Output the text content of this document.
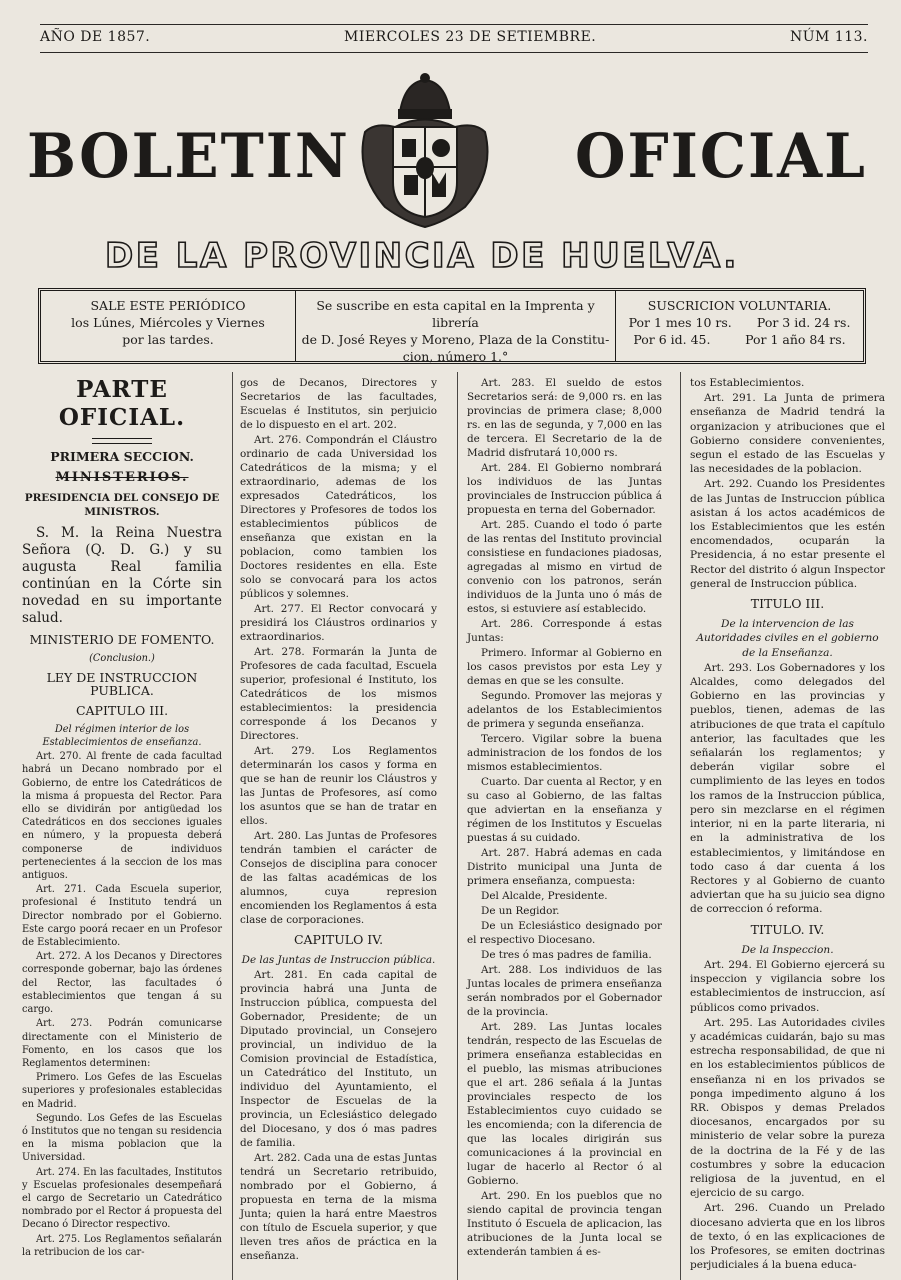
AÑO DE 1857.	MIERCOLES 23 DE SETIEMBRE.	NÚM 113.
BOLETIN	OFICIAL
DE LA PROVINCIA DE HUELVA.
SALE ESTE PERIÓDICO
los Lúnes, Miércoles y Viernes
por las tardes.
Se suscribe en esta capital en la Imprenta y librería
de D. José Reyes y Moreno, Plaza de la Constitu-
cion, número 1.°
SUSCRICION VOLUNTARIA.
Por 1 mes 10 rs. Por 3 id. 24 rs.
Por 6 id. 45.	Por 1 año 84 rs.

PARTE OFICIAL.

PRIMERA SECCION.

MINISTERIOS.

PRESIDENCIA DEL CONSEJO DE MINISTROS.

S. M. la Reina Nuestra Señora (Q. D. G.) y su augusta Real familia continúan en la Córte sin novedad en su importante salud.

MINISTERIO DE FOMENTO.

(Conclusion.)

LEY DE INSTRUCCION PUBLICA.

CAPITULO III.

Del régimen interior de los Establecimientos de enseñanza.

Art. 270. Al frente de cada facultad habrá un Decano nombrado por el Gobierno, de entre los Catedráticos de la misma á propuesta del Rector. Para ello se dividirán por antigüedad los Catedráticos en dos secciones iguales en número, y la propuesta deberá componerse de individuos pertenecientes á la seccion de los mas antiguos.

Art. 271. Cada Escuela superior, profesional é Instituto tendrá un Director nombrado por el Gobierno. Este cargo poorá recaer en un Profesor de Establecimiento.

Art. 272. A los Decanos y Directores corresponde gobernar, bajo las órdenes del Rector, las facultades ó establecimientos que tengan á su cargo.

Art. 273. Podrán comunicarse directamente con el Ministerio de Fomento, en los casos que los Reglamentos determinen:

Primero. Los Gefes de las Escuelas superiores y profesionales establecidas en Madrid.

Segundo. Los Gefes de las Escuelas ó Institutos que no tengan su residencia en la misma poblacion que la Universidad.

Art. 274. En las facultades, Institutos y Escuelas profesionales desempeñará el cargo de Secretario un Catedrático nombrado por el Rector á propuesta del Decano ó Director respectivo.

Art. 275. Los Reglamentos señalarán la retribucion de los car-

gos de Decanos, Directores y Secretarios de las facultades, Escuelas é Institutos, sin perjuicio de lo dispuesto en el art. 202.

Art. 276. Compondrán el Cláustro ordinario de cada Universidad los Catedráticos de la misma; y el extraordinario, ademas de los expresados Catedráticos, los Directores y Profesores de todos los establecimientos públicos de enseñanza que existan en la poblacion, como tambien los Doctores residentes en ella. Este solo se convocará para los actos públicos y solemnes.

Art. 277. El Rector convocará y presidirá los Cláustros ordinarios y extraordinarios.

Art. 278. Formarán la Junta de Profesores de cada facultad, Escuela superior, profesional é Instituto, los Catedráticos de los mismos establecimientos: la presidencia corresponde á los Decanos y Directores.

Art. 279. Los Reglamentos determinarán los casos y forma en que se han de reunir los Cláustros y las Juntas de Profesores, así como los asuntos que se han de tratar en ellos.

Art. 280. Las Juntas de Profesores tendrán tambien el carácter de Consejos de disciplina para conocer de las faltas académicas de los alumnos, cuya represion encomienden los Reglamentos á esta clase de corporaciones.

CAPITULO IV.

De las Juntas de Instruccion pública.

Art. 281. En cada capital de provincia habrá una Junta de Instruccion pública, compuesta del Gobernador, Presidente; de un Diputado provincial, un Consejero provincial, un individuo de la Comision provincial de Estadística, un Catedrático del Instituto, un individuo del Ayuntamiento, el Inspector de Escuelas de la provincia, un Eclesiástico delegado del Diocesano, y dos ó mas padres de familia.

Art. 282. Cada una de estas Juntas tendrá un Secretario retribuido, nombrado por el Gobierno, á propuesta en terna de la misma Junta; quien la hará entre Maestros con título de Escuela superior, y que lleven tres años de práctica en la enseñanza.

Art. 283. El sueldo de estos Secretarios será: de 9,000 rs. en las provincias de primera clase; 8,000 rs. en las de segunda, y 7,000 en las de tercera. El Secretario de la de Madrid disfrutará 10,000 rs.

Art. 284. El Gobierno nombrará los individuos de las Juntas provinciales de Instruccion pública á propuesta en terna del Gobernador.

Art. 285. Cuando el todo ó parte de las rentas del Instituto provincial consistiese en fundaciones piadosas, agregadas al mismo en virtud de convenio con los patronos, serán individuos de la Junta uno ó más de estos, si estuviere así establecido.

Art. 286. Corresponde á estas Juntas:

Primero. Informar al Gobierno en los casos previstos por esta Ley y demas en que se les consulte.

Segundo. Promover las mejoras y adelantos de los Establecimientos de primera y segunda enseñanza.

Tercero. Vigilar sobre la buena administracion de los fondos de los mismos establecimientos.

Cuarto. Dar cuenta al Rector, y en su caso al Gobierno, de las faltas que adviertan en la enseñanza y régimen de los Institutos y Escuelas puestas á su cuidado.

Art. 287. Habrá ademas en cada Distrito municipal una Junta de primera enseñanza, compuesta:

Del Alcalde, Presidente.

De un Regidor.

De un Eclesiástico designado por el respectivo Diocesano.

De tres ó mas padres de familia.

Art. 288. Los individuos de las Juntas locales de primera enseñanza serán nombrados por el Gobernador de la provincia.

Art. 289. Las Juntas locales tendrán, respecto de las Escuelas de primera enseñanza establecidas en el pueblo, las mismas atribuciones que el art. 286 señala á la Juntas provinciales respecto de los Establecimientos cuyo cuidado se les encomienda; con la diferencia de que las locales dirigirán sus comunicaciones á la provincial en lugar de hacerlo al Rector ó al Gobierno.

Art. 290. En los pueblos que no siendo capital de provincia tengan Instituto ó Escuela de aplicacion, las atribuciones de la Junta local se extenderán tambien á es-

tos Establecimientos.

Art. 291. La Junta de primera enseñanza de Madrid tendrá la organizacion y atribuciones que el Gobierno considere convenientes, segun el estado de las Escuelas y las necesidades de la poblacion.

Art. 292. Cuando los Presidentes de las Juntas de Instruccion pública asistan á los actos académicos de los Establecimientos que les estén encomendados, ocuparán la Presidencia, á no estar presente el Rector del distrito ó algun Inspector general de Instruccion pública.

TITULO III.

De la intervencion de las Autoridades civiles en el gobierno de la Enseñanza.

Art. 293. Los Gobernadores y los Alcaldes, como delegados del Gobierno en las provincias y pueblos, tienen, ademas de las atribuciones de que trata el capítulo anterior, las facultades que les señalarán los reglamentos; y deberán vigilar sobre el cumplimiento de las leyes en todos los ramos de la Instruccion pública, pero sin mezclarse en el régimen interior, ni en la parte literaria, ni en la administrativa de los establecimientos, y limitándose en todo caso á dar cuenta á los Rectores y al Gobierno de cuanto adviertan que ha su juicio sea digno de correccion ó reforma.

TITULO. IV.

De la Inspeccion.

Art. 294. El Gobierno ejercerá su inspeccion y vigilancia sobre los establecimientos de instruccion, así públicos como privados.

Art. 295. Las Autoridades civiles y académicas cuidarán, bajo su mas estrecha responsabilidad, de que ni en los establecimientos públicos de enseñanza ni en los privados se ponga impedimento alguno á los RR. Obispos y demas Prelados diocesanos, encargados por su ministerio de velar sobre la pureza de la doctrina de la Fé y de las costumbres y sobre la educacion religiosa de la juventud, en el ejercicio de su cargo.

Art. 296. Cuando un Prelado diocesano advierta que en los libros de texto, ó en las explicaciones de los Profesores, se emiten doctrinas perjudiciales á la buena educa-
